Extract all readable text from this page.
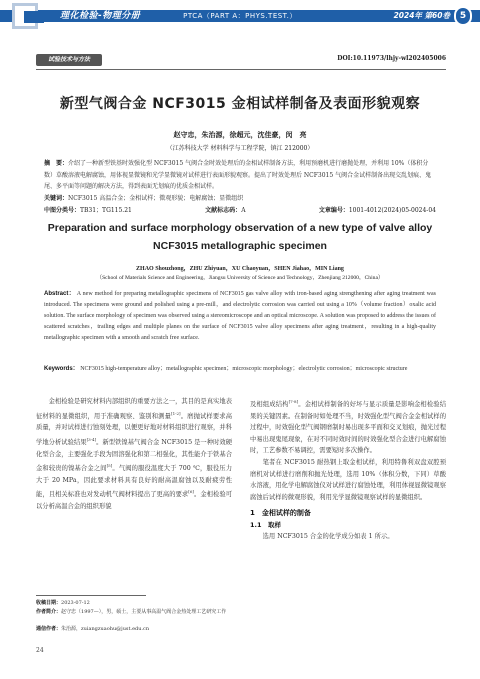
理化检验-物理分册	PTCA（PART A：PHYS.TEST.）	2024年 第60卷	5
试验技术与方法	DOI:10.11973/lhjy-wl202405006
新型气阀合金 NCF3015 金相试样制备及表面形貌观察
赵守忠，朱治源，徐超元，沈佳豪，闵　亮
（江苏科技大学 材料科学与工程学院，镇江 212000）
摘　要：介绍了一种新型铁基时效强化型 NCF3015 气阀合金时效处理后的金相试样制备方法，利用预磨机进行磨抛处理，并利用 10%（体积分数）草酸溶液电解腐蚀，用体视显微镜和光学显微镜对试样进行表面形貌观察。提出了时效处理后 NCF3015 气阀合金试样制备出现交乱划痕、鬼尾、多平面等问题的解决方法，得到表面无划痕的优质金相试样。
关键词：NCF3015 高温合金；金相试样；微观形貌；电解腐蚀；显微组织
中图分类号：TB31；TG115.21	文献标志码：A	文章编号：1001-4012(2024)05-0024-04
Preparation and surface morphology observation of a new type of valve alloy NCF3015 metallographic specimen
ZHAO Shouzhong，ZHU Zhiyuan，XU Chaoyuan，SHEN Jiahao，MIN Liang
（School of Materials Science and Engineering，Jiangsu University of Science and Technology，Zhenjiang 212000，China）
Abstract： A new method for preparing metallographic specimens of NCF3015 gas valve alloy with iron-based aging strengthening after aging treatment was introduced. The specimens were ground and polished using a pre-mill，and electrolytic corrosion was carried out using a 10%（volume fraction）oxalic acid solution. The surface morphology of specimen was observed using a stereomicroscope and an optical microscope. A solution was proposed to address the issues of scattered scratches，trailing edges and multiple planes on the surface of NCF3015 valve alloy specimens after aging treatment，resulting in a high-quality metallographic specimen with a smooth and scratch free surface.
Keywords： NCF3015 high-temperature alloy；metallographic specimen；microscopic morphology；electrolytic corrosion；microscopic structure

金相检验是研究材料内部组织的重要方法之一，其目的是真实地表征材料的显微组织，用于准确观察、鉴别和测量[1-2]。磨抛试样要求高质量，并对试样进行蚀刻处理，以便更好地对材料组织进行观察，并科学地分析试验结果[3-4]。新型铁镍基气阀合金 NCF3015 是一种时效硬化型合金，主要强化手段为固溶强化和第二相强化，其性能介于铁基合金和较贵的镍基合金之间[5]。气阀的服役温度大于 700 ℃，服役压力大于 20 MPa，因此要求材料具有良好的耐高温腐蚀以及耐疲劳性能，且相关标准也对发动机气阀材料提出了更高的要求[6]。金相检验可以分析高温合金的组织形貌

及相组成结构[7-8]。金相试样制备的好坏与显示质量是影响金相检验结果的关键因素。在制备时如处理不当，时效强化型气阀合金金相试样的过程中，时效强化型气阀钢磨制时易出现多平面和交叉划痕，抛光过程中易出现鬼尾现象，在对不同时效时间的时效强化型合金进行电解腐蚀时，工艺参数不易调控，需要短时多次操作。

笔者在 NCF3015 耐热钢上取金相试样，利用特鲁利双盘双腔预磨机对试样进行磨削和抛光处理，选用 10%（体积分数，下同）草酸水溶液，用化学电解腐蚀仪对试样进行腐蚀处理，利用体视显微镜观察腐蚀后试样的微观形貌，利用光学显微镜观察试样的显微组织。

1　金相试样的制备
1.1　取样

选用 NCF3015 合金的化学成分如表 1 所示。

收稿日期：2023-07-12
作者简介：赵守忠（1997—），男，硕士，主要从事高温气阀合金热处理工艺研究工作
通信作者：朱治源，zuiangzuaohu@just.edu.cn
24
